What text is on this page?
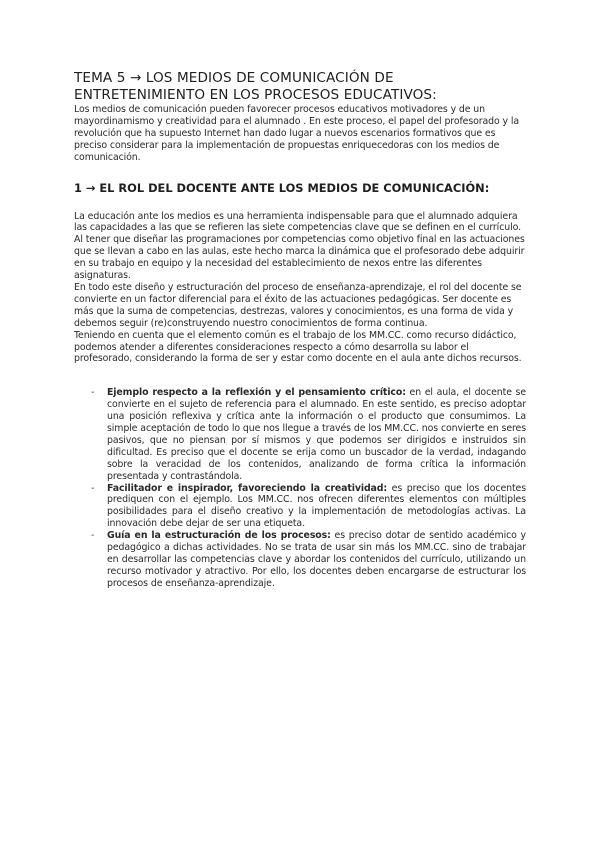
TEMA 5 → LOS MEDIOS DE COMUNICACIÓN DE ENTRETENIMIENTO EN LOS PROCESOS EDUCATIVOS:

Los medios de comunicación pueden favorecer procesos educativos motivadores y de un mayordinamismo y creatividad para el alumnado . En este proceso, el papel del profesorado y la revolución que ha supuesto Internet han dado lugar a nuevos escenarios formativos que es preciso considerar para la implementación de propuestas enriquecedoras con los medios de comunicación.

1 → EL ROL DEL DOCENTE ANTE LOS MEDIOS DE COMUNICACIÓN:

La educación ante los medios es una herramienta indispensable para que el alumnado adquiera las capacidades a las que se refieren las siete competencias clave que se definen en el currículo. Al tener que diseñar las programaciones por competencias como objetivo final en las actuaciones que se llevan a cabo en las aulas, este hecho marca la dinámica que el profesorado debe adquirir en su trabajo en equipo y la necesidad del establecimiento de nexos entre las diferentes asignaturas.

En todo este diseño y estructuración del proceso de enseñanza-aprendizaje, el rol del docente se convierte en un factor diferencial para el éxito de las actuaciones pedagógicas. Ser docente es más que la suma de competencias, destrezas, valores y conocimientos, es una forma de vida y debemos seguir (re)construyendo nuestro conocimientos de forma continua.

Teniendo en cuenta que el elemento común es el trabajo de los MM.CC. como recurso didáctico, podemos atender a diferentes consideraciones respecto a cómo desarrolla su labor el profesorado, considerando la forma de ser y estar como docente en el aula ante dichos recursos.

- Ejemplo respecto a la reflexión y el pensamiento crítico: en el aula, el docente se convierte en el sujeto de referencia para el alumnado. En este sentido, es preciso adoptar una posición reflexiva y crítica ante la información o el producto que consumimos. La simple aceptación de todo lo que nos llegue a través de los MM.CC. nos convierte en seres pasivos, que no piensan por sí mismos y que podemos ser dirigidos e instruidos sin dificultad. Es preciso que el docente se erija como un buscador de la verdad, indagando sobre la veracidad de los contenidos, analizando de forma crítica la información presentada y contrastándola.

- Facilitador e inspirador, favoreciendo la creatividad: es preciso que los docentes prediquen con el ejemplo. Los MM.CC. nos ofrecen diferentes elementos con múltiples posibilidades para el diseño creativo y la implementación de metodologías activas. La innovación debe dejar de ser una etiqueta.

- Guía en la estructuración de los procesos: es preciso dotar de sentido académico y pedagógico a dichas actividades. No se trata de usar sin más los MM.CC. sino de trabajar en desarrollar las competencias clave y abordar los contenidos del currículo, utilizando un recurso motivador y atractivo. Por ello, los docentes deben encargarse de estructurar los procesos de enseñanza-aprendizaje.
